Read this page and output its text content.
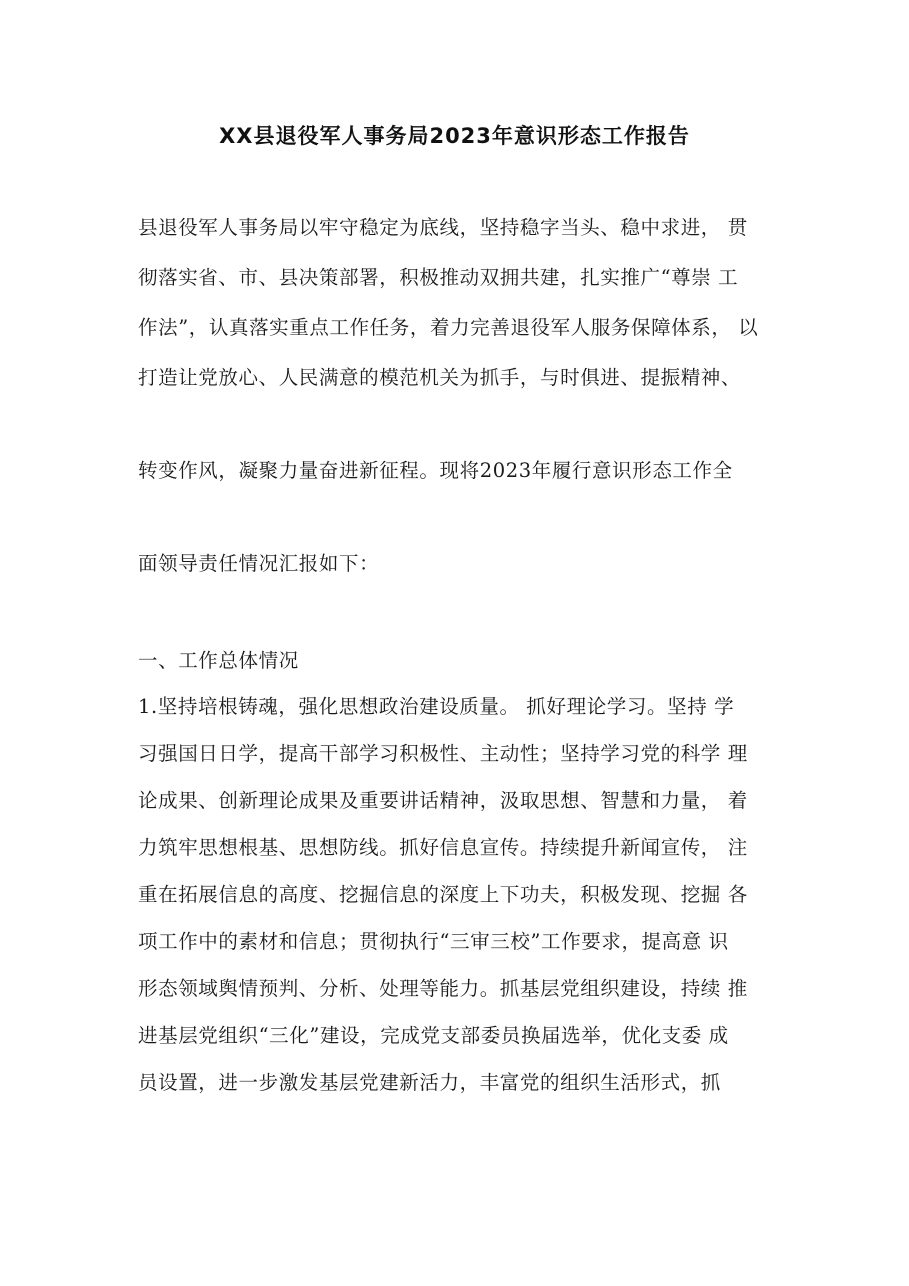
XX县退役军人事务局2023年意识形态工作报告
县退役军人事务局以牢守稳定为底线，坚持稳字当头、稳中求进， 贯
彻落实省、市、县决策部署，积极推动双拥共建，扎实推广“尊崇 工
作法”，认真落实重点工作任务，着力完善退役军人服务保障体系， 以
打造让党放心、人民满意的模范机关为抓手，与时俱进、提振精神、
转变作风，凝聚力量奋进新征程。现将2023年履行意识形态工作全
面领导责任情况汇报如下：
一、工作总体情况
1.坚持培根铸魂，强化思想政治建设质量。 抓好理论学习。坚持 学
习强国日日学，提高干部学习积极性、主动性；坚持学习党的科学 理
论成果、创新理论成果及重要讲话精神，汲取思想、智慧和力量， 着
力筑牢思想根基、思想防线。抓好信息宣传。持续提升新闻宣传， 注
重在拓展信息的高度、挖掘信息的深度上下功夫，积极发现、挖掘 各
项工作中的素材和信息；贯彻执行“三审三校”工作要求，提高意 识
形态领域舆情预判、分析、处理等能力。抓基层党组织建设，持续 推
进基层党组织“三化”建设，完成党支部委员换届选举，优化支委 成
员设置，进一步激发基层党建新活力，丰富党的组织生活形式，抓
